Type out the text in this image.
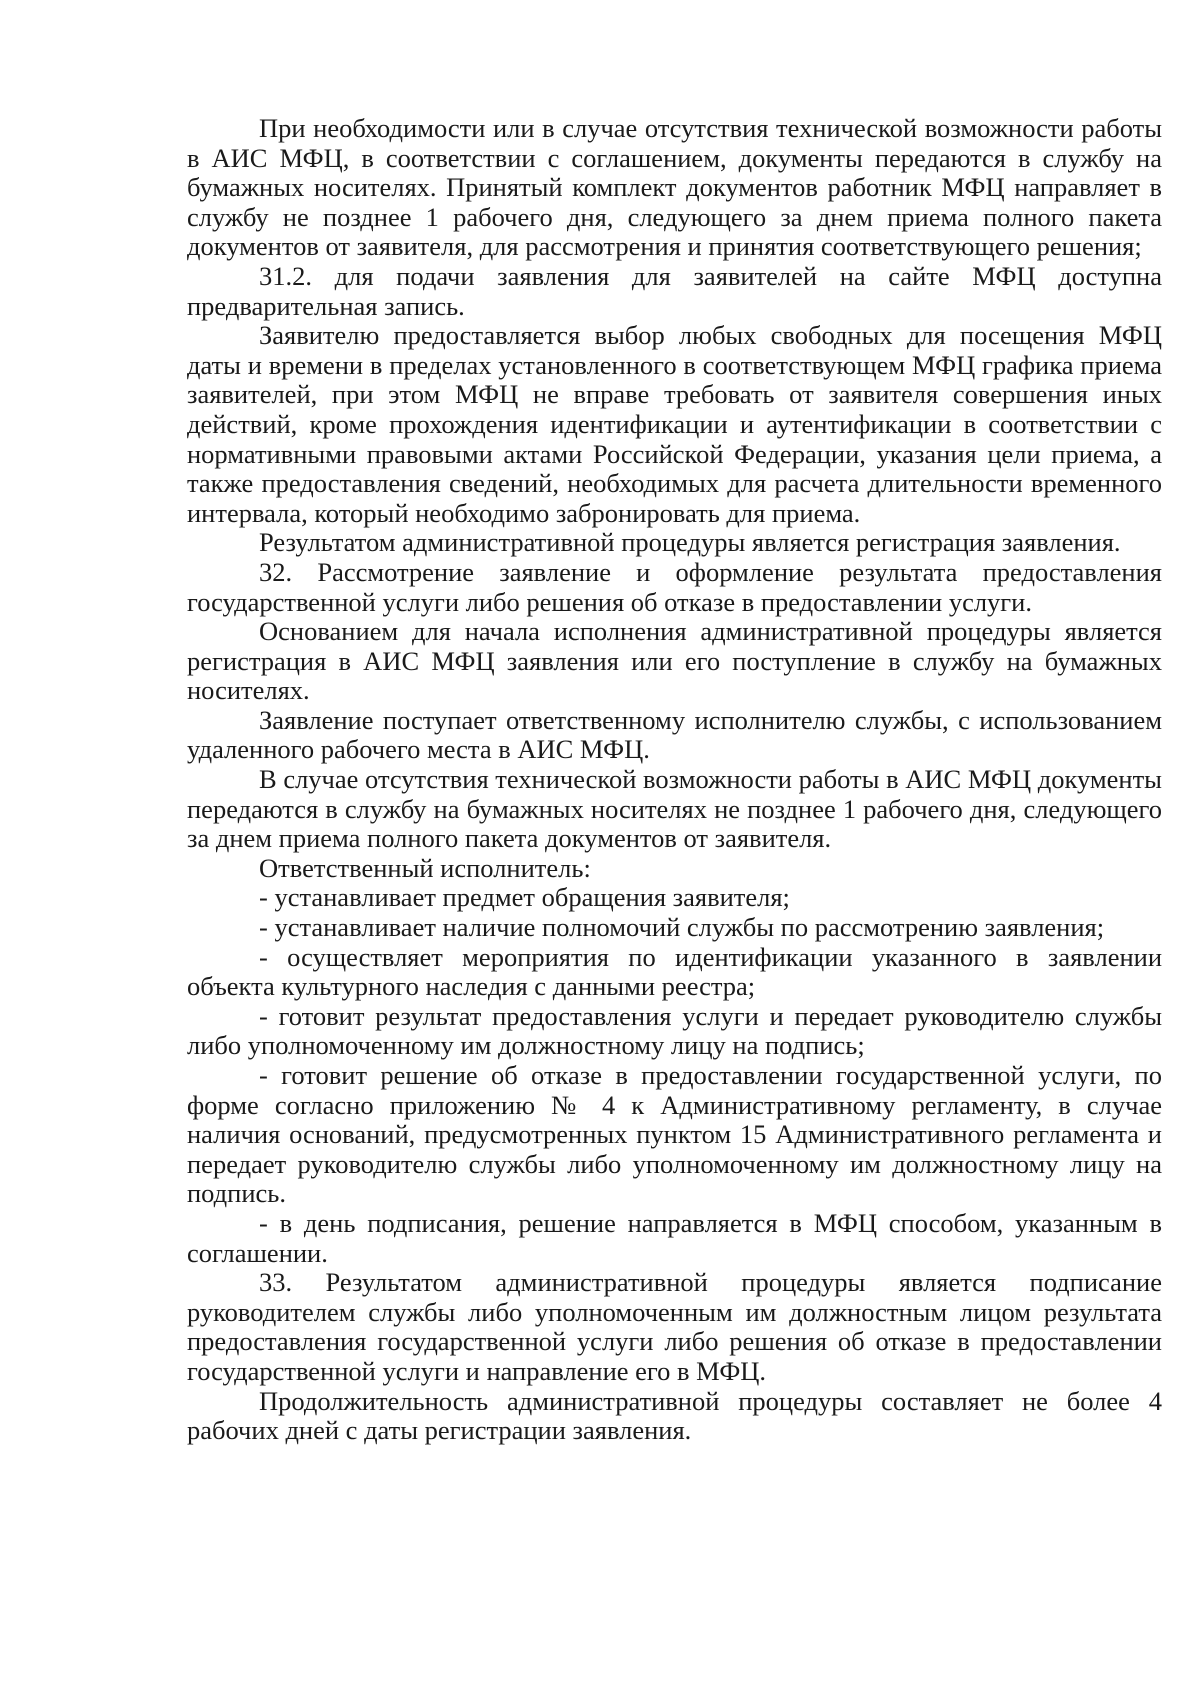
При необходимости или в случае отсутствия технической возможности работы в АИС МФЦ, в соответствии с соглашением, документы передаются в службу на бумажных носителях. Принятый комплект документов работник МФЦ направляет в службу не позднее 1 рабочего дня, следующего за днем приема полного пакета документов от заявителя, для рассмотрения и принятия соответствующего решения;

31.2. для подачи заявления для заявителей на сайте МФЦ доступна предварительная запись.

Заявителю предоставляется выбор любых свободных для посещения МФЦ даты и времени в пределах установленного в соответствующем МФЦ графика приема заявителей, при этом МФЦ не вправе требовать от заявителя совершения иных действий, кроме прохождения идентификации и аутентификации в соответствии с нормативными правовыми актами Российской Федерации, указания цели приема, а также предоставления сведений, необходимых для расчета длительности временного интервала, который необходимо забронировать для приема.

Результатом административной процедуры является регистрация заявления.

32. Рассмотрение заявление и оформление результата предоставления государственной услуги либо решения об отказе в предоставлении услуги.

Основанием для начала исполнения административной процедуры является регистрация в АИС МФЦ заявления или его поступление в службу на бумажных носителях.

Заявление поступает ответственному исполнителю службы, с использованием удаленного рабочего места в АИС МФЦ.

В случае отсутствия технической возможности работы в АИС МФЦ документы передаются в службу на бумажных носителях не позднее 1 рабочего дня, следующего за днем приема полного пакета документов от заявителя.

Ответственный исполнитель:

- устанавливает предмет обращения заявителя;

- устанавливает наличие полномочий службы по рассмотрению заявления;

- осуществляет мероприятия по идентификации указанного в заявлении объекта культурного наследия с данными реестра;

- готовит результат предоставления услуги и передает руководителю службы либо уполномоченному им должностному лицу на подпись;

- готовит решение об отказе в предоставлении государственной услуги, по форме согласно приложению № 4 к Административному регламенту, в случае наличия оснований, предусмотренных пунктом 15 Административного регламента и передает руководителю службы либо уполномоченному им должностному лицу на подпись.

- в день подписания, решение направляется в МФЦ способом, указанным в соглашении.

33. Результатом административной процедуры является подписание руководителем службы либо уполномоченным им должностным лицом результата предоставления государственной услуги либо решения об отказе в предоставлении государственной услуги и направление его в МФЦ.

Продолжительность административной процедуры составляет не более 4 рабочих дней с даты регистрации заявления.
